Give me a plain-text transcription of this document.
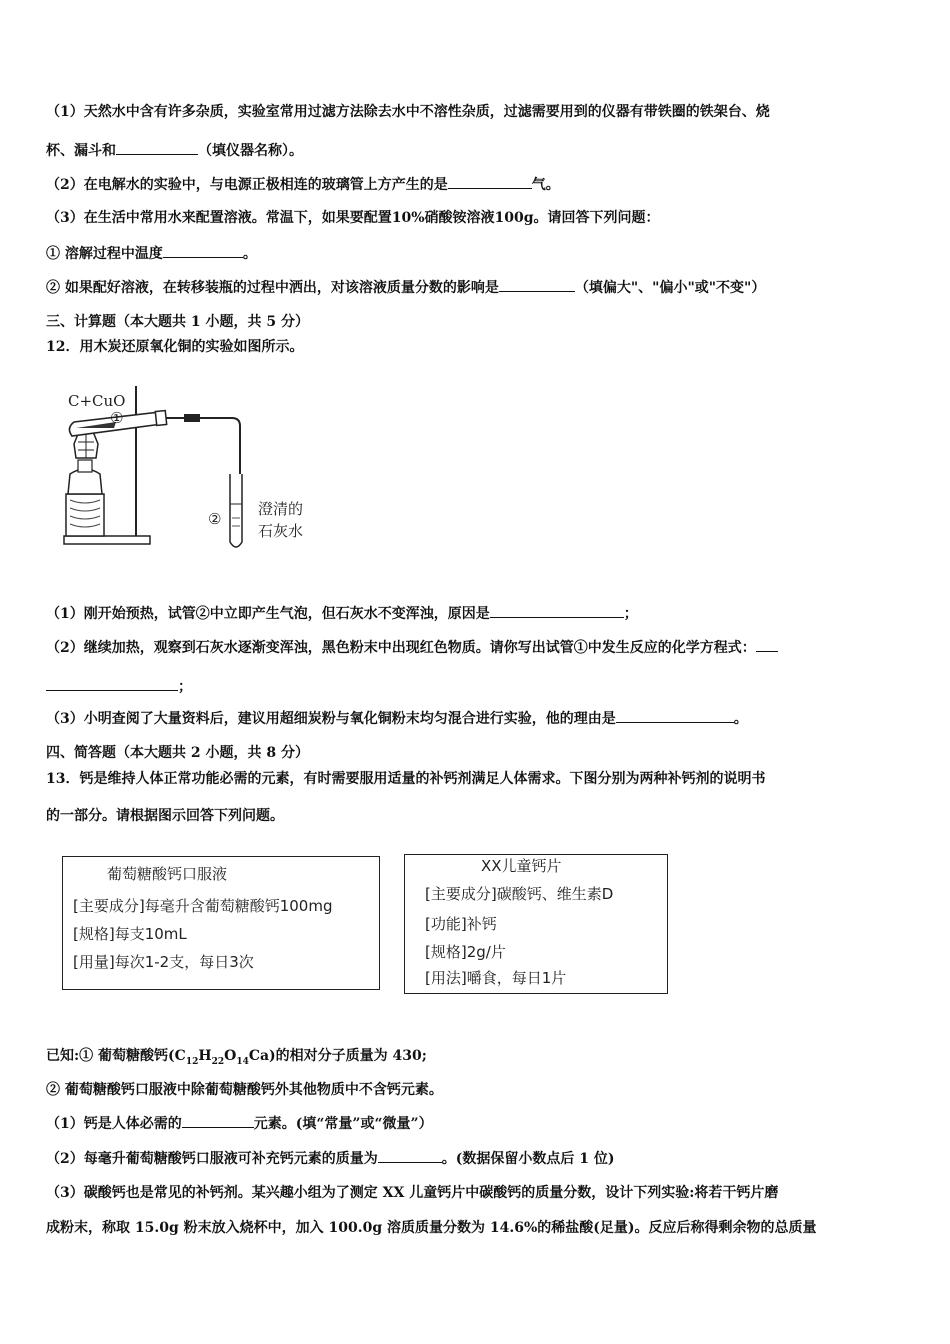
（1）天然水中含有许多杂质，实验室常用过滤方法除去水中不溶性杂质，过滤需要用到的仪器有带铁圈的铁架台、烧
杯、漏斗和	（填仪器名称）。
（2）在电解水的实验中，与电源正极相连的玻璃管上方产生的是	气。
（3）在生活中常用水来配置溶液。常温下，如果要配置10%硝酸铵溶液100g。请回答下列问题：
① 溶解过程中温度	。
② 如果配好溶液，在转移装瓶的过程中洒出，对该溶液质量分数的影响是	（填偏大"、"偏小"或"不变"）
三、计算题（本大题共 1 小题，共 5 分）
12．用木炭还原氧化铜的实验如图所示。
C+CuO
①
②
澄清的
石灰水
（1）刚开始预热，试管②中立即产生气泡，但石灰水不变浑浊，原因是	；
（2）继续加热，观察到石灰水逐渐变浑浊，黑色粉末中出现红色物质。请你写出试管①中发生反应的化学方程式：
；
（3）小明查阅了大量资料后，建议用超细炭粉与氧化铜粉末均匀混合进行实验，他的理由是	。
四、简答题（本大题共 2 小题，共 8 分）
13．钙是维持人体正常功能必需的元素，有时需要服用适量的补钙剂满足人体需求。下图分别为两种补钙剂的说明书
的一部分。请根据图示回答下列问题。
葡萄糖酸钙口服液
[主要成分]每毫升含葡萄糖酸钙100mg
[规格]每支10mL
[用量]每次1-2支，每日3次
XX儿童钙片
[主要成分]碳酸钙、维生素D
[功能]补钙
[规格]2g/片
[用法]嚼食，每日1片
已知:① 葡萄糖酸钙$(C_{12}H_{22}O_{14}Ca)$的相对分子质量为 430;
② 葡萄糖酸钙口服液中除葡萄糖酸钙外其他物质中不含钙元素。
（1）钙是人体必需的	元素。(填“常量”或“微量”）
（2）每毫升葡萄糖酸钙口服液可补充钙元素的质量为	。(数据保留小数点后 1 位)
（3）碳酸钙也是常见的补钙剂。某兴趣小组为了测定 XX 儿童钙片中碳酸钙的质量分数，设计下列实验:将若干钙片磨
成粉末，称取 15.0g 粉末放入烧杯中，加入 100.0g 溶质质量分数为 14.6%的稀盐酸(足量)。反应后称得剩余物的总质量
